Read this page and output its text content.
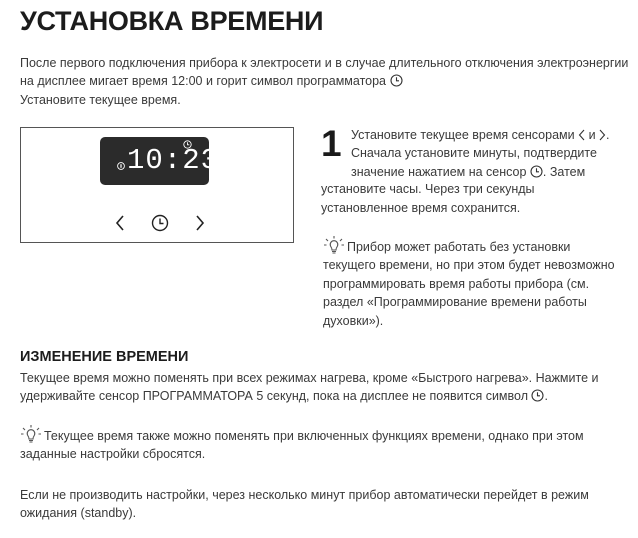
УСТАНОВКА ВРЕМЕНИ
После первого подключения прибора к электросети и в случае длительного отключения электроэнергии
на дисплее мигает время 12:00 и горит символ программатора
Установите текущее время.
10:23	1 Установите текущее время сенсорами и .
Сначала установите минуты, подтвердите
значение нажатием на сенсор . Затем
установите часы. Через три секунды
установленное время сохранится.
Прибор может работать без установки
текущего времени, но при этом будет невозможно
программировать время работы прибора (см.
раздел «Программирование времени работы
духовки»).
ИЗМЕНЕНИЕ ВРЕМЕНИ
Текущее время можно поменять при всех режимах нагрева, кроме «Быстрого нагрева». Нажмите и
удерживайте сенсор ПРОГРАММАТОРА 5 секунд, пока на дисплее не появится символ .
Текущее время также можно поменять при включенных функциях времени, однако при этом
заданные настройки сбросятся.
Если не производить настройки, через несколько минут прибор автоматически перейдет в режим
ожидания (standby).
